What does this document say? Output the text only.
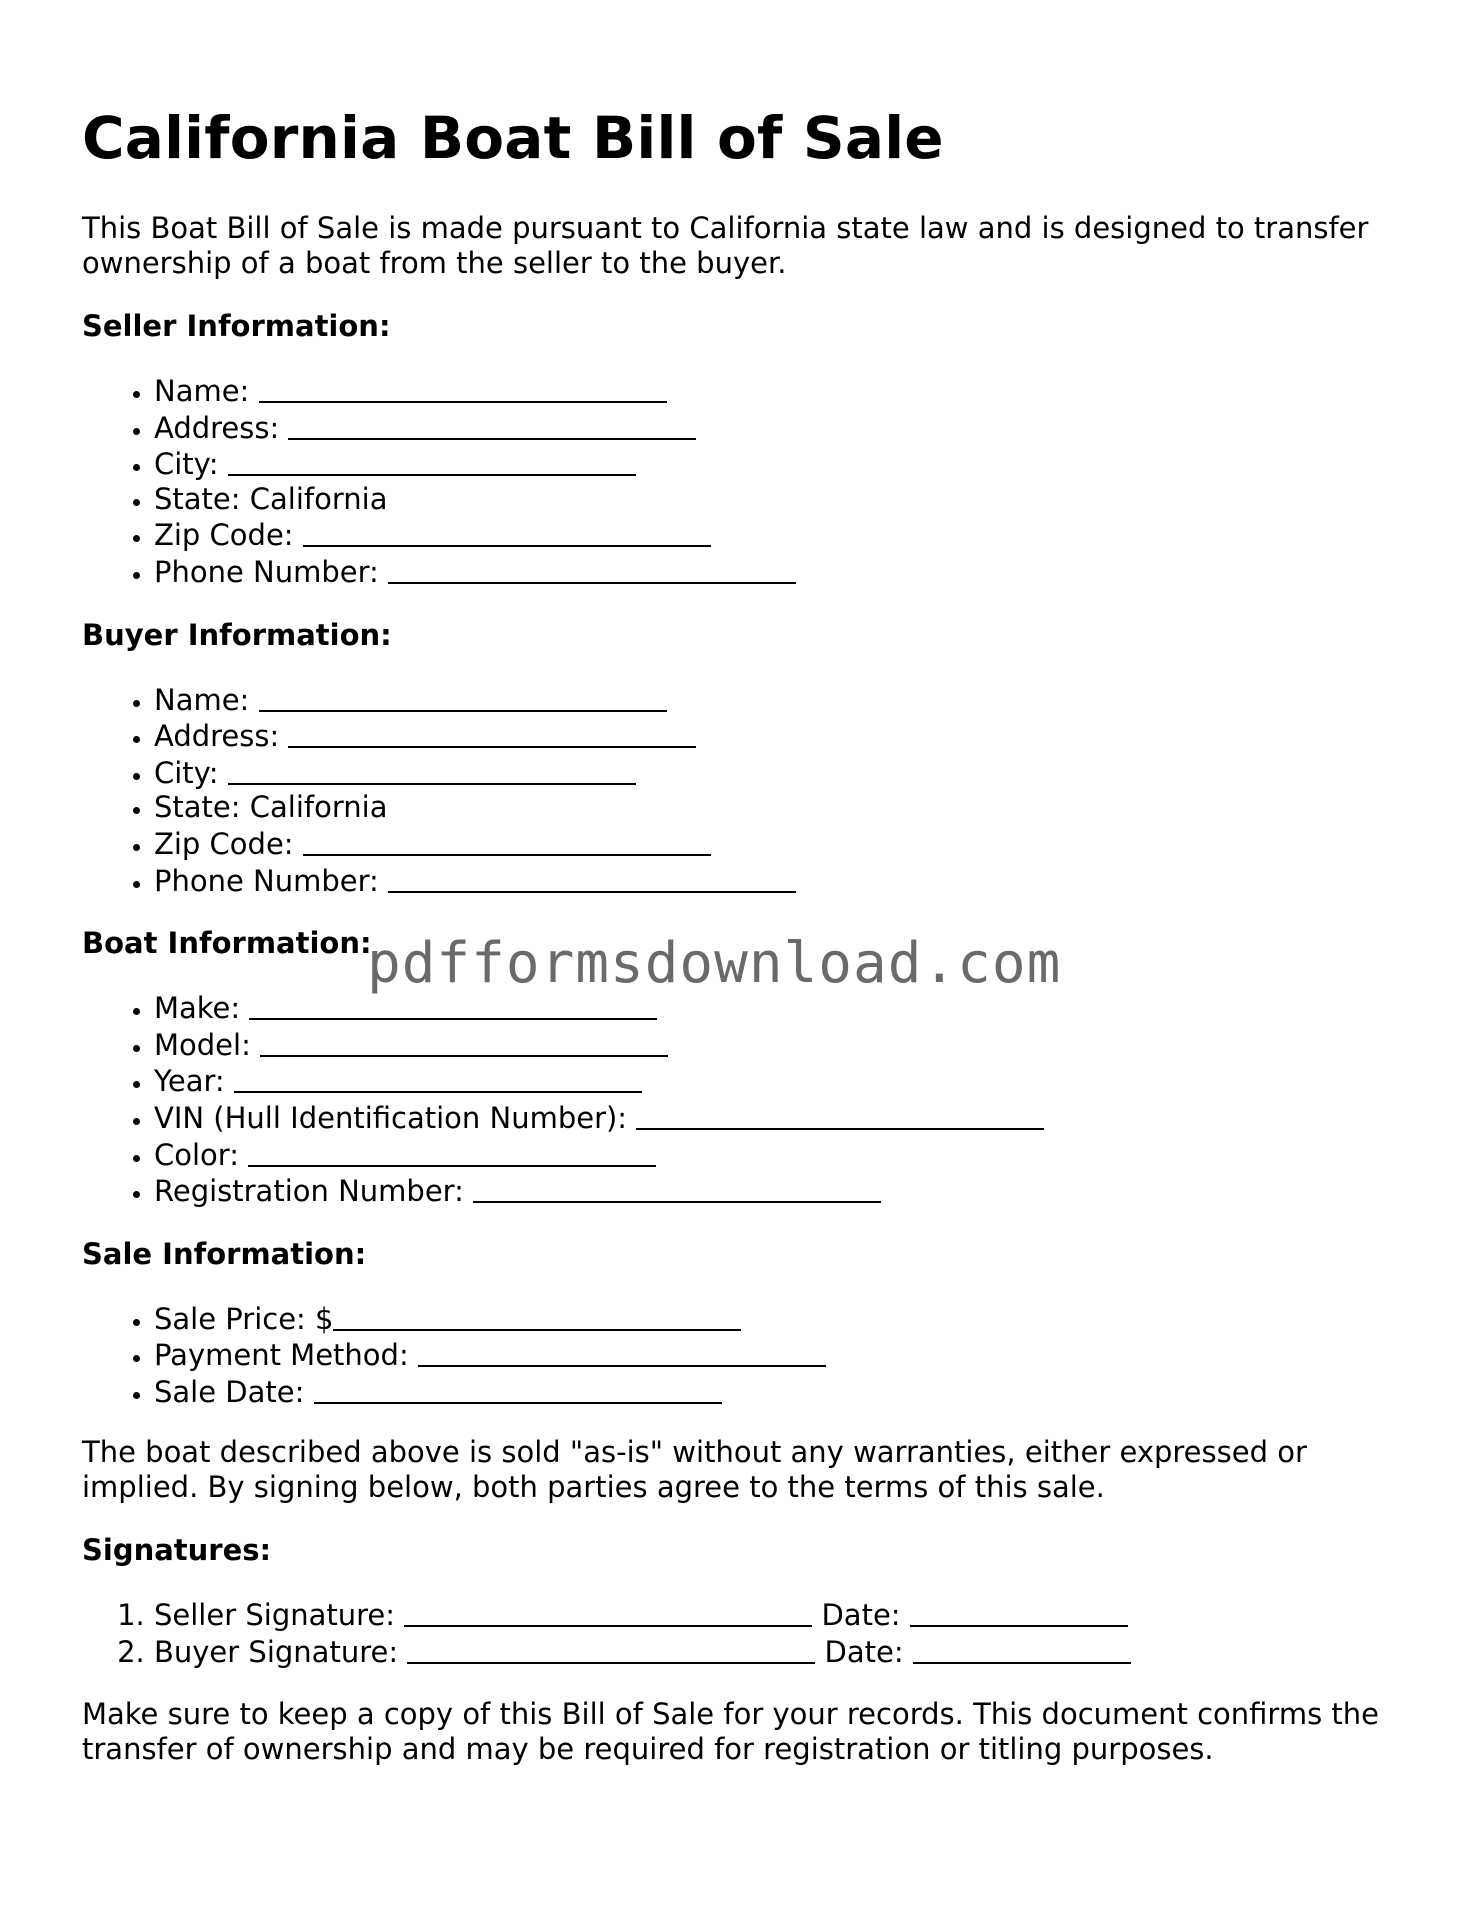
pdfformsdownload.com
California Boat Bill of Sale

This Boat Bill of Sale is made pursuant to California state law and is designed to transfer ownership of a boat from the seller to the buyer.

Seller Information:
• Name:
• Address:
• City:
• State: California
• Zip Code:
• Phone Number:
Buyer Information:
• Name:
• Address:
• City:
• State: California
• Zip Code:
• Phone Number:
Boat Information:
• Make:
• Model:
• Year:
• VIN (Hull Identification Number):
• Color:
• Registration Number:
Sale Information:
• Sale Price: $
• Payment Method:
• Sale Date:

The boat described above is sold "as-is" without any warranties, either expressed or implied. By signing below, both parties agree to the terms of this sale.

Signatures:
1. Seller Signature:	Date:
2. Buyer Signature:	Date:

Make sure to keep a copy of this Bill of Sale for your records. This document confirms the transfer of ownership and may be required for registration or titling purposes.
